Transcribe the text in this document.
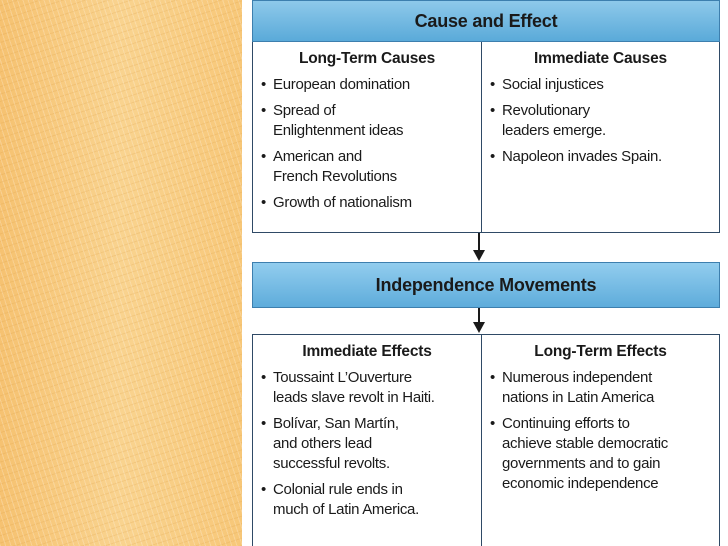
Cause and Effect
Long-Term Causes
• European domination
• Spread of
Enlightenment ideas
• American and
French Revolutions
• Growth of nationalism
Immediate Causes
• Social injustices
• Revolutionary
leaders emerge.
• Napoleon invades Spain.
Independence Movements
Immediate Effects
• Toussaint L’Ouverture
leads slave revolt in Haiti.
• Bolívar, San Martín,
and others lead
successful revolts.
• Colonial rule ends in
much of Latin America.
Long-Term Effects
• Numerous independent
nations in Latin America
• Continuing efforts to
achieve stable democratic
governments and to gain
economic independence
